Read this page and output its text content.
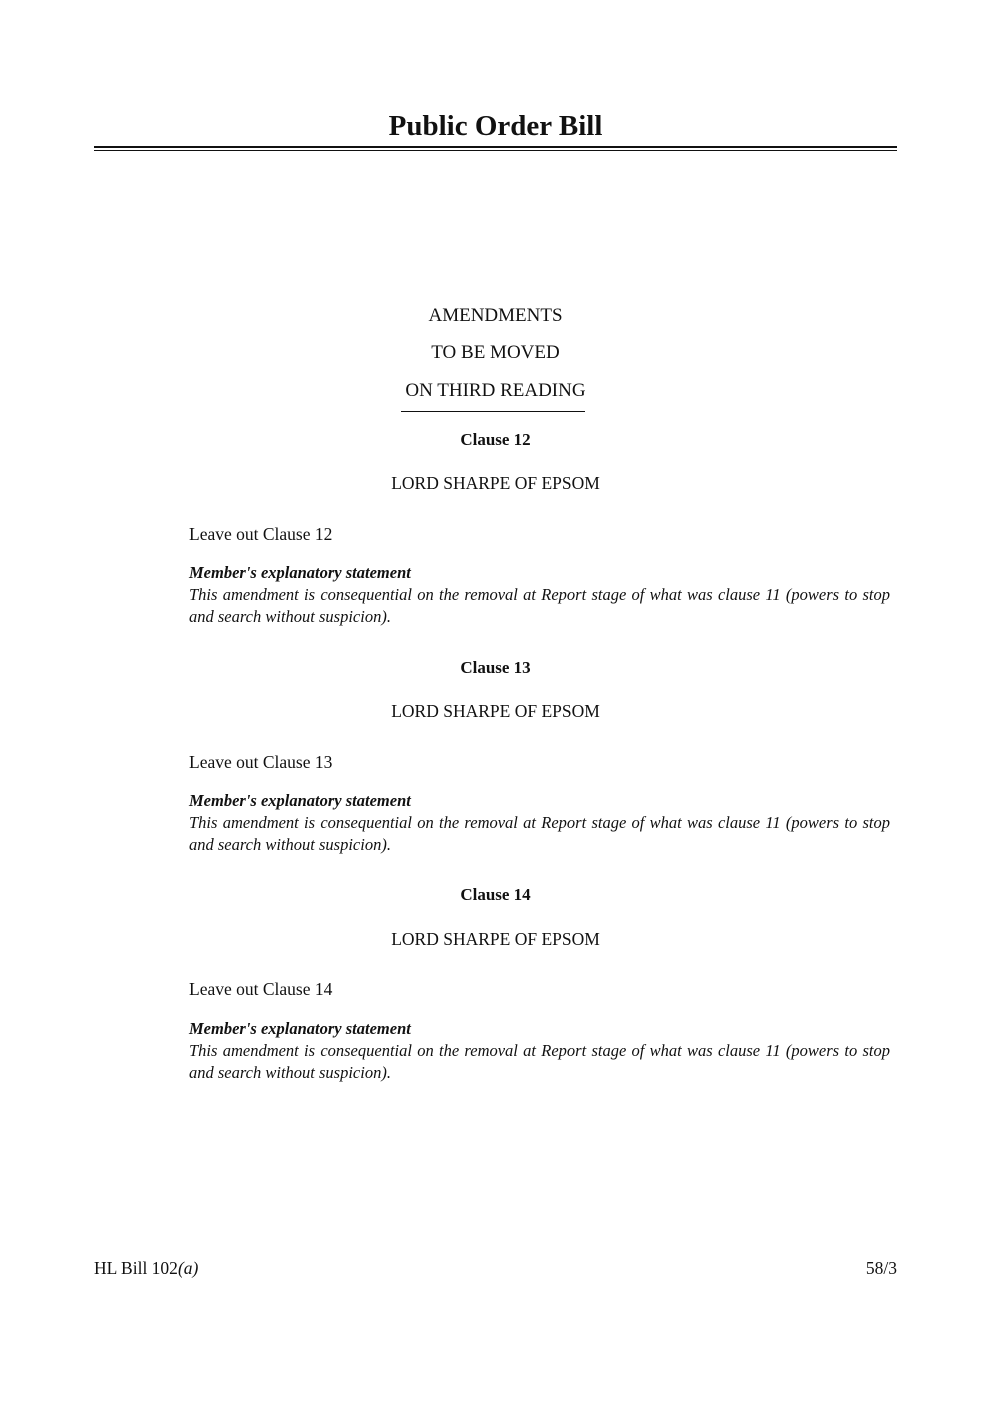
Public Order Bill
AMENDMENTS
TO BE MOVED
ON THIRD READING
Clause 12
LORD SHARPE OF EPSOM
Leave out Clause 12
Member's explanatory statement
This amendment is consequential on the removal at Report stage of what was clause 11 (powers to stop and search without suspicion).
Clause 13
LORD SHARPE OF EPSOM
Leave out Clause 13
Member's explanatory statement
This amendment is consequential on the removal at Report stage of what was clause 11 (powers to stop and search without suspicion).
Clause 14
LORD SHARPE OF EPSOM
Leave out Clause 14
Member's explanatory statement
This amendment is consequential on the removal at Report stage of what was clause 11 (powers to stop and search without suspicion).
HL Bill 102(a)	58/3
